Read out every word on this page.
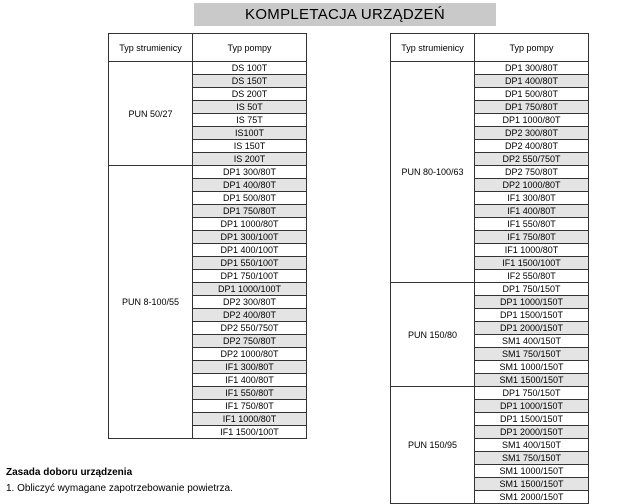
KOMPLETACJA URZĄDZEŃ
Typ strumienicy	Typ pompy
PUN 50/27	DS 100T
	DS 150T
	DS 200T
	IS 50T
	IS 75T
	IS100T
	IS 150T
	IS 200T
PUN 8-100/55	DP1 300/80T
	DP1 400/80T
	DP1 500/80T
	DP1 750/80T
	DP1 1000/80T
	DP1 300/100T
	DP1 400/100T
	DP1 550/100T
	DP1 750/100T
	DP1 1000/100T
	DP2 300/80T
	DP2 400/80T
	DP2 550/750T
	DP2 750/80T
	DP2 1000/80T
	IF1 300/80T
	IF1 400/80T
	IF1 550/80T
	IF1 750/80T
	IF1 1000/80T
	IF1 1500/100T
Typ strumienicy	Typ pompy
PUN 80-100/63	DP1 300/80T
	DP1 400/80T
	DP1 500/80T
	DP1 750/80T
	DP1 1000/80T
	DP2 300/80T
	DP2 400/80T
	DP2 550/750T
	DP2 750/80T
	DP2 1000/80T
	IF1 300/80T
	IF1 400/80T
	IF1 550/80T
	IF1 750/80T
	IF1 1000/80T
	IF1 1500/100T
	IF2 550/80T
PUN 150/80	DP1 750/150T
	DP1 1000/150T
	DP1 1500/150T
	DP1 2000/150T
	SM1 400/150T
	SM1 750/150T
	SM1 1000/150T
	SM1 1500/150T
PUN 150/95	DP1 750/150T
	DP1 1000/150T
	DP1 1500/150T
	DP1 2000/150T
	SM1 400/150T
	SM1 750/150T
	SM1 1000/150T
	SM1 1500/150T
	SM1 2000/150T
Zasada doboru urządzenia
1. Obliczyć wymagane zapotrzebowanie powietrza.
